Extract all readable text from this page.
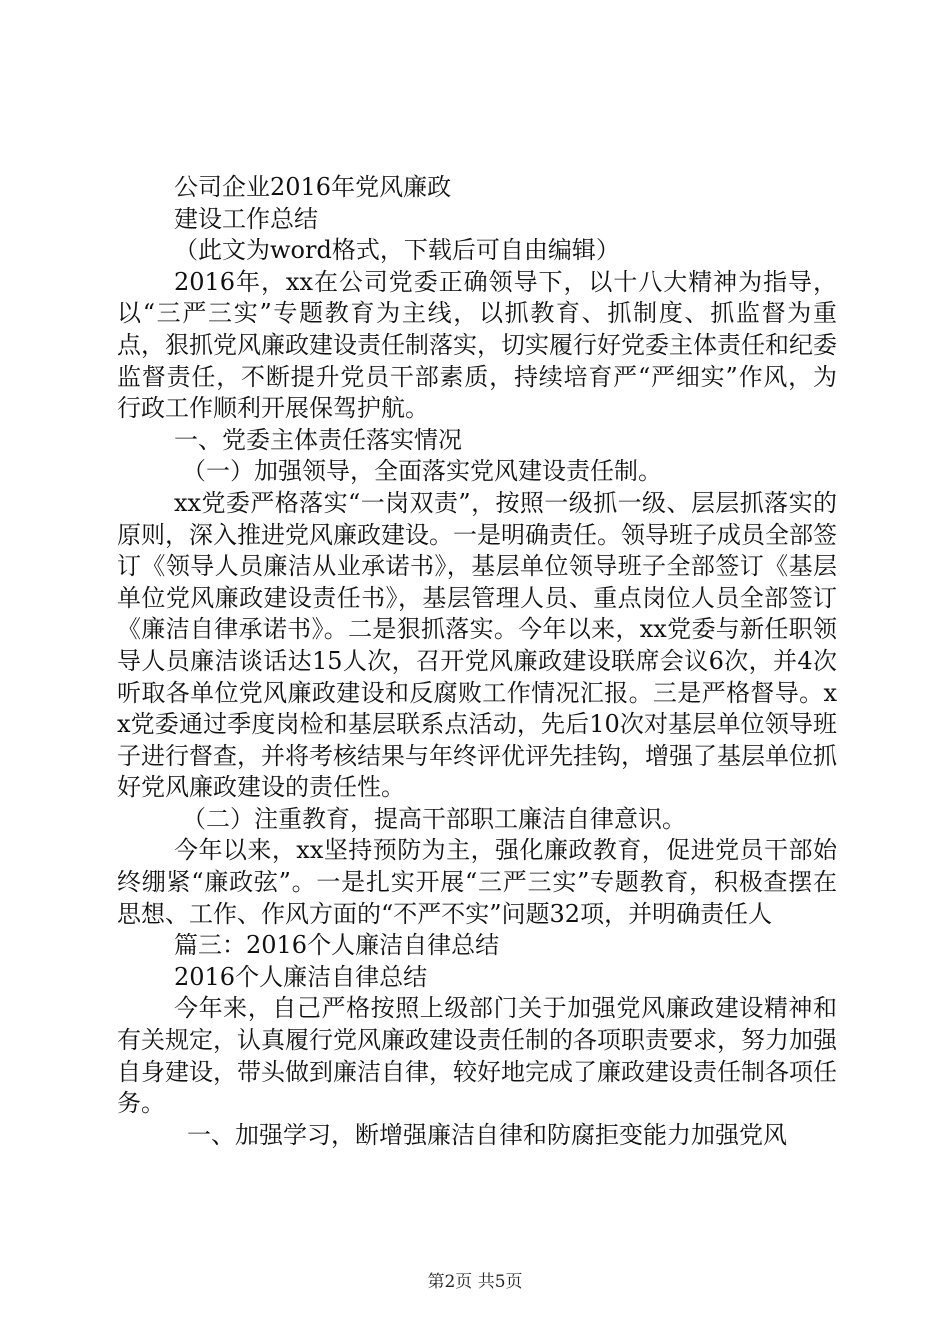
公司企业2016年党风廉政

建设工作总结

（此文为word格式，下载后可自由编辑）

2016年，xx在公司党委正确领导下，以十八大精神为指导，以“三严三实”专题教育为主线，以抓教育、抓制度、抓监督为重点，狠抓党风廉政建设责任制落实，切实履行好党委主体责任和纪委监督责任，不断提升党员干部素质，持续培育严“严细实”作风，为行政工作顺利开展保驾护航。

一、党委主体责任落实情况

（一）加强领导，全面落实党风建设责任制。

xx党委严格落实“一岗双责”，按照一级抓一级、层层抓落实的原则，深入推进党风廉政建设。一是明确责任。领导班子成员全部签订《领导人员廉洁从业承诺书》，基层单位领导班子全部签订《基层单位党风廉政建设责任书》，基层管理人员、重点岗位人员全部签订《廉洁自律承诺书》。二是狠抓落实。今年以来，xx党委与新任职领导人员廉洁谈话达15人次，召开党风廉政建设联席会议6次，并4次听取各单位党风廉政建设和反腐败工作情况汇报。三是严格督导。xx党委通过季度岗检和基层联系点活动，先后10次对基层单位领导班子进行督查，并将考核结果与年终评优评先挂钩，增强了基层单位抓好党风廉政建设的责任性。

（二）注重教育，提高干部职工廉洁自律意识。

今年以来，xx坚持预防为主，强化廉政教育，促进党员干部始终绷紧“廉政弦”。一是扎实开展“三严三实”专题教育，积极查摆在思想、工作、作风方面的“不严不实”问题32项，并明确责任人

篇三：2016个人廉洁自律总结

2016个人廉洁自律总结

今年来，自己严格按照上级部门关于加强党风廉政建设精神和有关规定，认真履行党风廉政建设责任制的各项职责要求，努力加强自身建设，带头做到廉洁自律，较好地完成了廉政建设责任制各项任务。

一、加强学习，断增强廉洁自律和防腐拒变能力加强党风

第2页 共5页
